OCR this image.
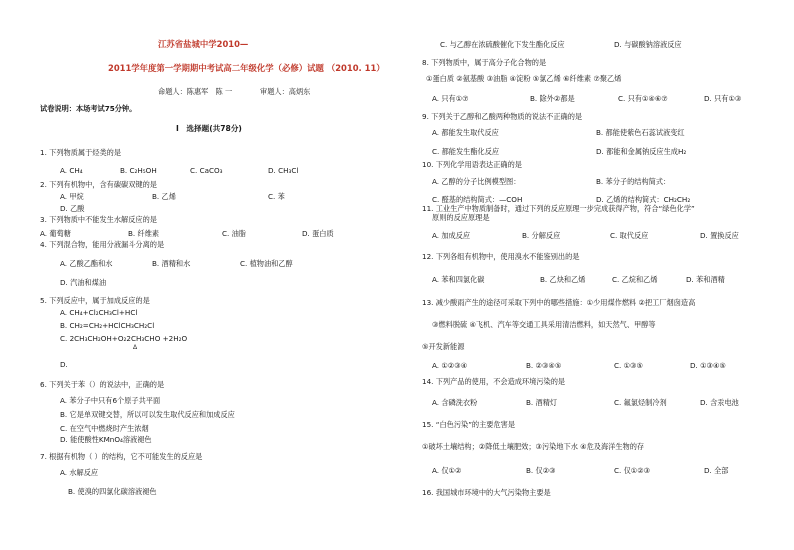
江苏省盐城中学2010—
2011学年度第一学期期中考试高二年级化学（必修）试题 （2010. 11）
命题人：陈惠军　陈 一	审题人：高炳东
试卷说明：本场考试75分钟。
Ⅰ　选择题(共78分)
1. 下列物质属于烃类的是
A. CH₄	B. C₂H₅OH	C. CaCO₃	D. CH₃Cl
2. 下列有机物中，含有碳碳双键的是
A. 甲烷	B. 乙烯	C. 苯
D. 乙酸
3. 下列物质中不能发生水解反应的是
A. 葡萄糖	B. 纤维素	C. 油脂	D. 蛋白质
4. 下列混合物，能用分液漏斗分离的是
A. 乙酸乙酯和水	B. 酒精和水	C. 植物油和乙醇
D. 汽油和煤油
5. 下列反应中，属于加成反应的是
A. CH₄+Cl₂CH₃Cl+HCl
B. CH₂=CH₂+HClCH₃CH₂Cl
C. 2CH₃CH₂OH+O₂2CH₃CHO +2H₂O
Δ
D.
6. 下列关于苯（）的说法中，正确的是
A. 苯分子中只有6个原子共平面
B. 它是单双键交替，所以可以发生取代反应和加成反应
C. 在空气中燃烧时产生浓烟
D. 能使酸性KMnO₄溶液褪色
7. 根据有机物（ ）的结构，它不可能发生的反应是
A. 水解反应
B. 使溴的四氯化碳溶液褪色
C. 与乙醇在浓硫酸催化下发生酯化反应	D. 与碳酸钠溶液反应
8. 下列物质中，属于高分子化合物的是
①蛋白质 ②氨基酸 ③油脂 ④淀粉 ⑤氯乙烯 ⑥纤维素 ⑦聚乙烯
A. 只有①⑦	B. 除外②都是	C. 只有①④⑥⑦	D. 只有①③
9. 下列关于乙醇和乙酸两种物质的说法不正确的是
A. 都能发生取代反应	B. 都能使紫色石蕊试液变红
C. 都能发生酯化反应	D. 都能和金属钠反应生成H₂
10. 下列化学用语表达正确的是
A. 乙醇的分子比例模型图：	B. 苯分子的结构简式：
C. 醛基的结构简式：—COH	D. 乙烯的结构简式：CH₂CH₂
11. 工业生产中物质制备时，通过下列的反应原理一步完成获得产物，符合“绿色化学”
原则的反应原理是
A. 加成反应	B. 分解反应	C. 取代反应	D. 置换反应
12. 下列各组有机物中，使用溴水不能鉴别出的是
A. 苯和四氯化碳	B. 乙炔和乙烯	C. 乙烷和乙烯	D. 苯和酒精
13. 减少酸雨产生的途径可采取下列中的哪些措施：①少用煤作燃料 ②把工厂烟囱造高
③燃料脱硫 ④飞机、汽车等交通工具采用清洁燃料，如天然气、甲醇等
⑤开发新能源
A. ①②③④	B. ②③④⑤	C. ①③⑤	D. ①③④⑤
14. 下列产品的使用，不会造成环境污染的是
A. 含磷洗衣粉	B. 酒精灯	C. 氟氯烃制冷剂	D. 含汞电池
15. “白色污染”的主要危害是
①破坏土壤结构；②降低土壤肥效；③污染地下水 ④危及海洋生物的存
A. 仅①②	B. 仅②③	C. 仅①②③	D. 全部
16. 我国城市环境中的大气污染物主要是
